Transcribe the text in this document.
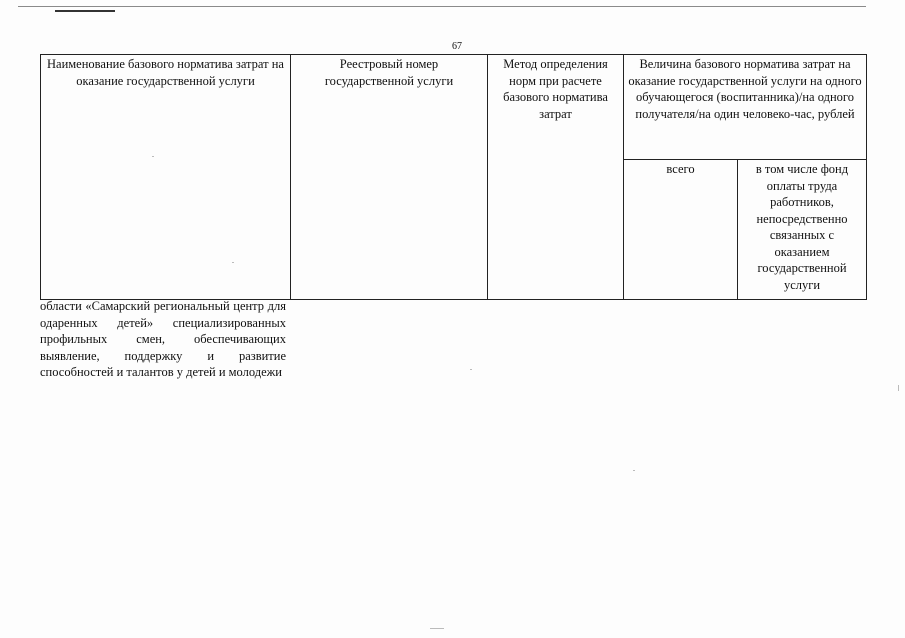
67
Наименование базового норматива затрат на оказание государственной услуги	Реестровый номер государственной услуги	Метод определения норм при расчете базового норматива затрат	Величина базового норматива затрат на оказание государственной услуги на одного обучающегося (воспитанника)/на одного получателя/на один человеко-час, рублей	
			всего	в том числе фонд оплаты труда работников, непосредственно связанных с оказанием государственной услуги
области «Самарский региональный центр для одаренных детей» специализированных профильных смен, обеспечивающих выявление, поддержку и развитие способностей и талантов у детей и молодежи
